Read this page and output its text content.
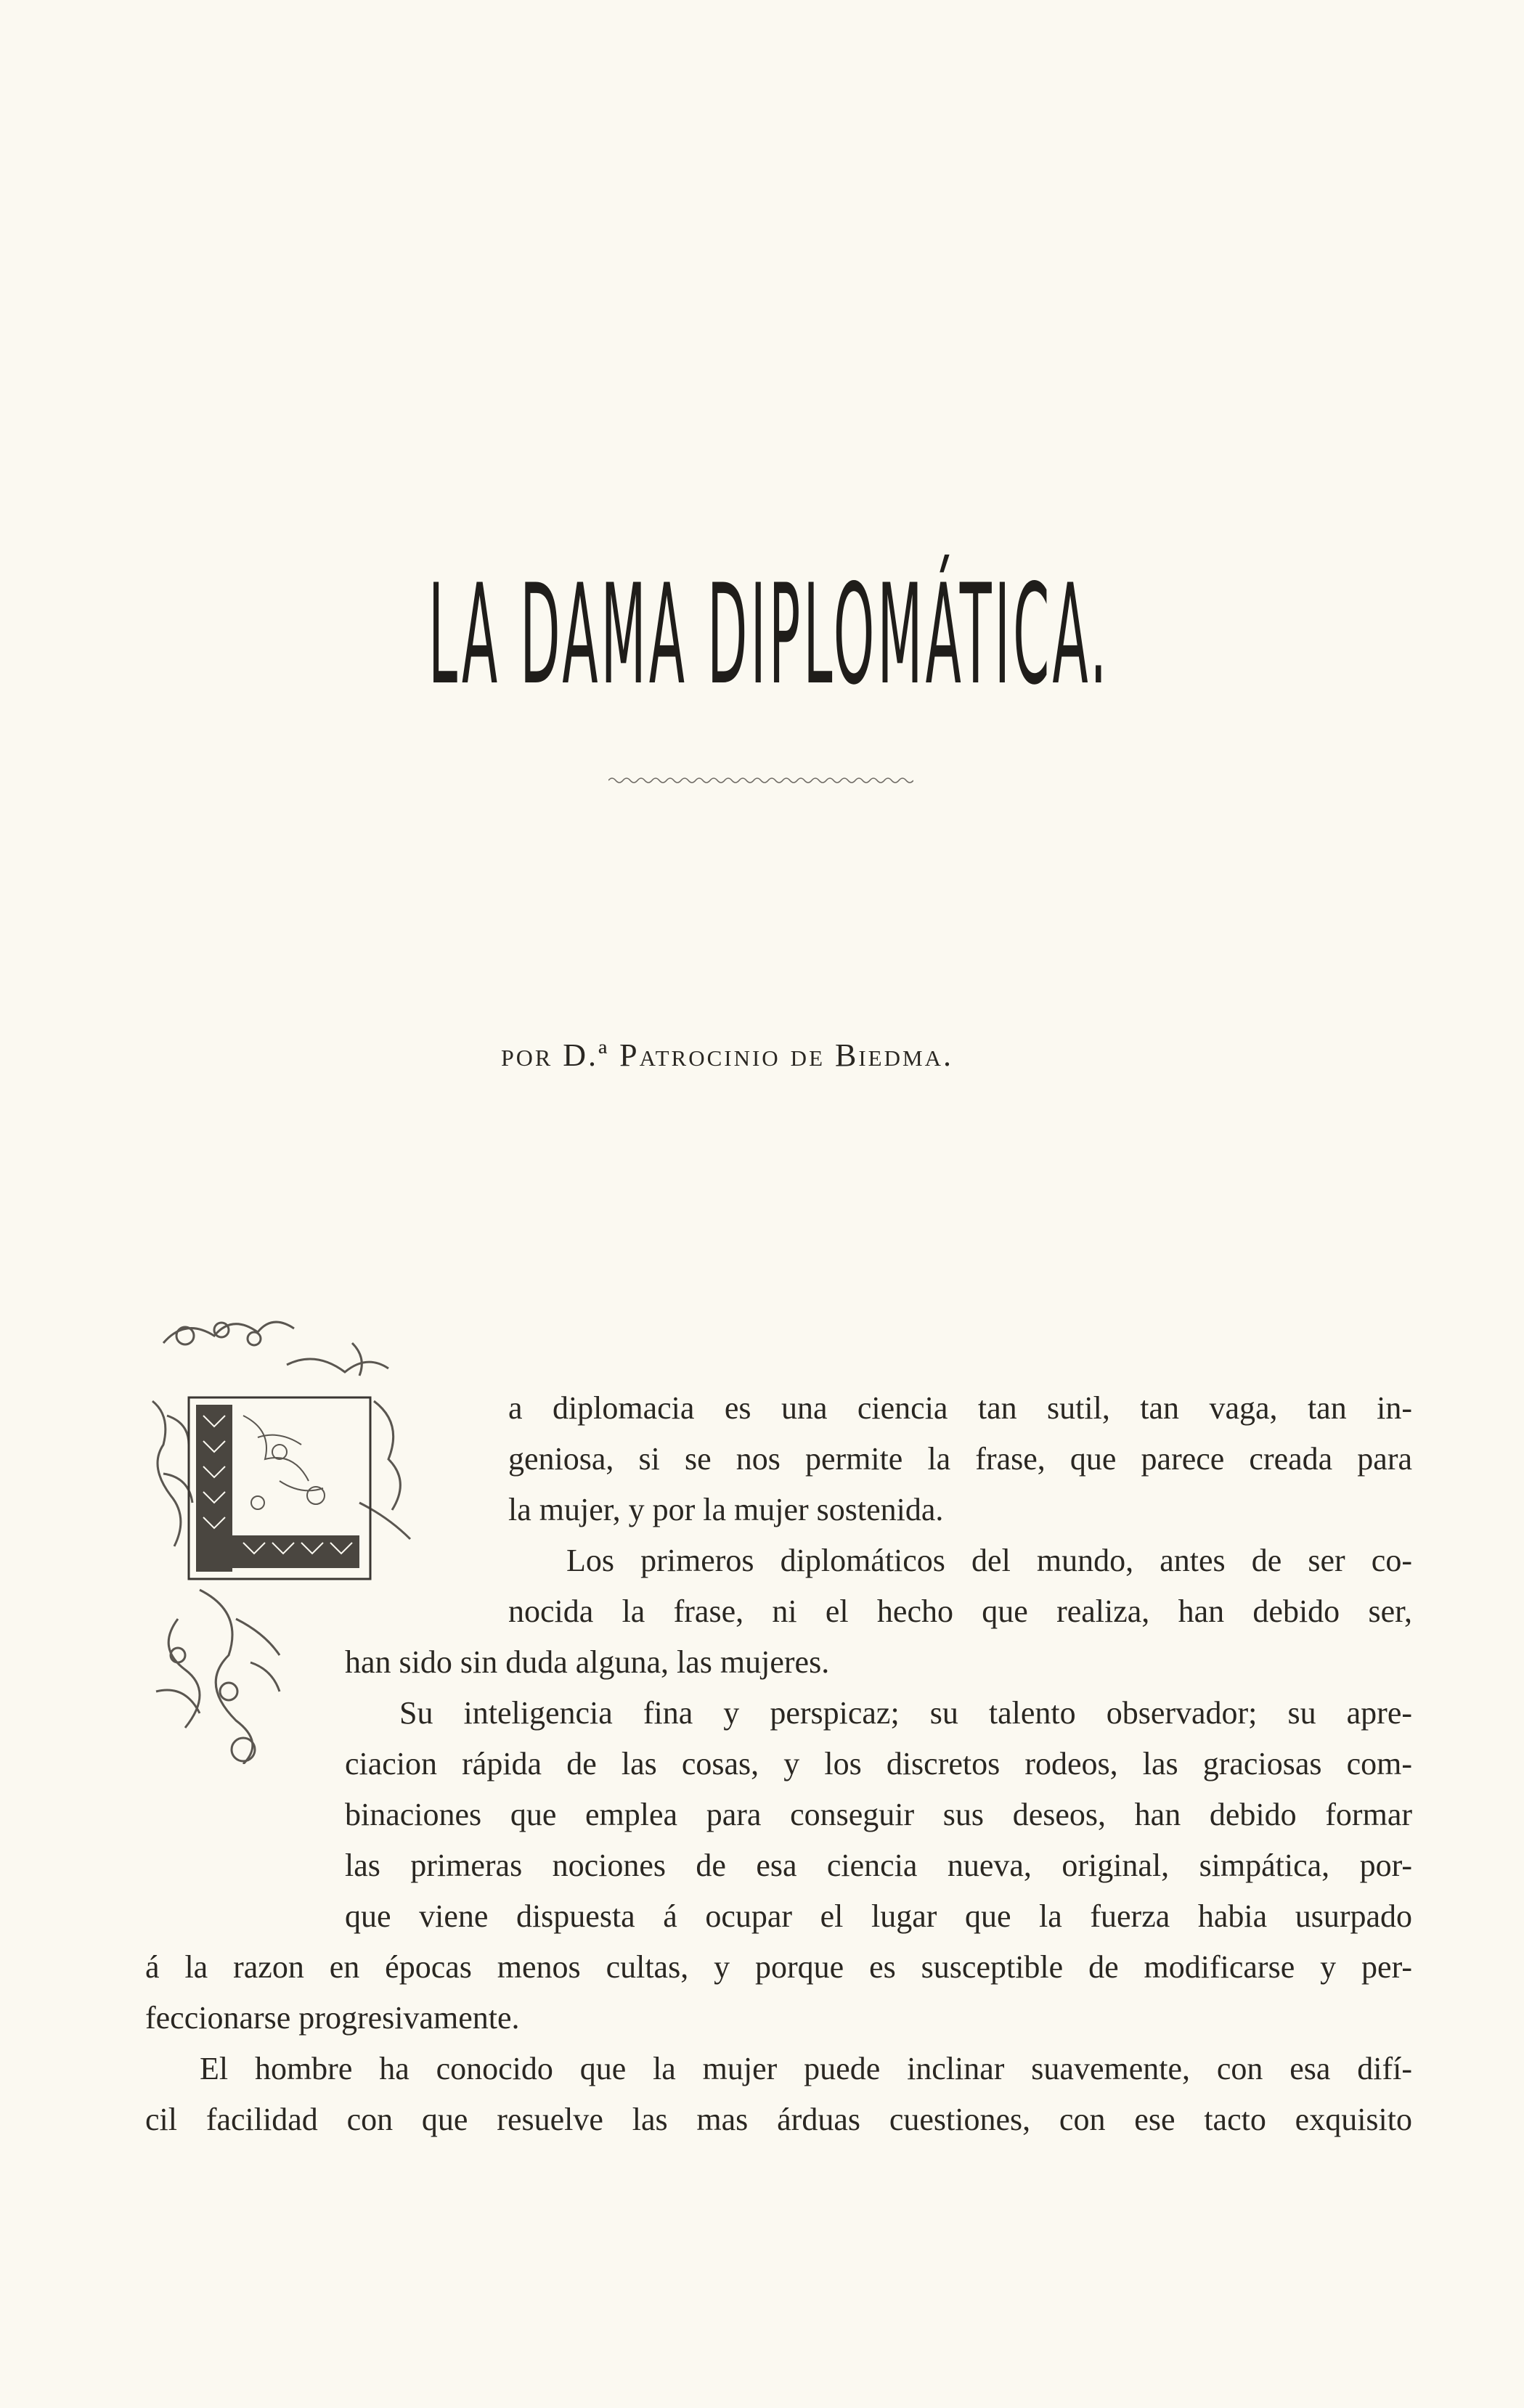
LA DAMA DIPLOMÁTICA.
POR D.ª Patrocinio de Biedma.
a diplomacia es una ciencia tan sutil, tan vaga, tan in-
geniosa, si se nos permite la frase, que parece creada para
la mujer, y por la mujer sostenida.
Los primeros diplomáticos del mundo, antes de ser co-
nocida la frase, ni el hecho que realiza, han debido ser,
han sido sin duda alguna, las mujeres.
Su inteligencia fina y perspicaz; su talento observador; su apre-
ciacion rápida de las cosas, y los discretos rodeos, las graciosas com-
binaciones que emplea para conseguir sus deseos, han debido formar
las primeras nociones de esa ciencia nueva, original, simpática, por-
que viene dispuesta á ocupar el lugar que la fuerza habia usurpado
á la razon en épocas menos cultas, y porque es susceptible de modificarse y per-
feccionarse progresivamente.
El hombre ha conocido que la mujer puede inclinar suavemente, con esa difí-
cil facilidad con que resuelve las mas árduas cuestiones, con ese tacto exquisito
